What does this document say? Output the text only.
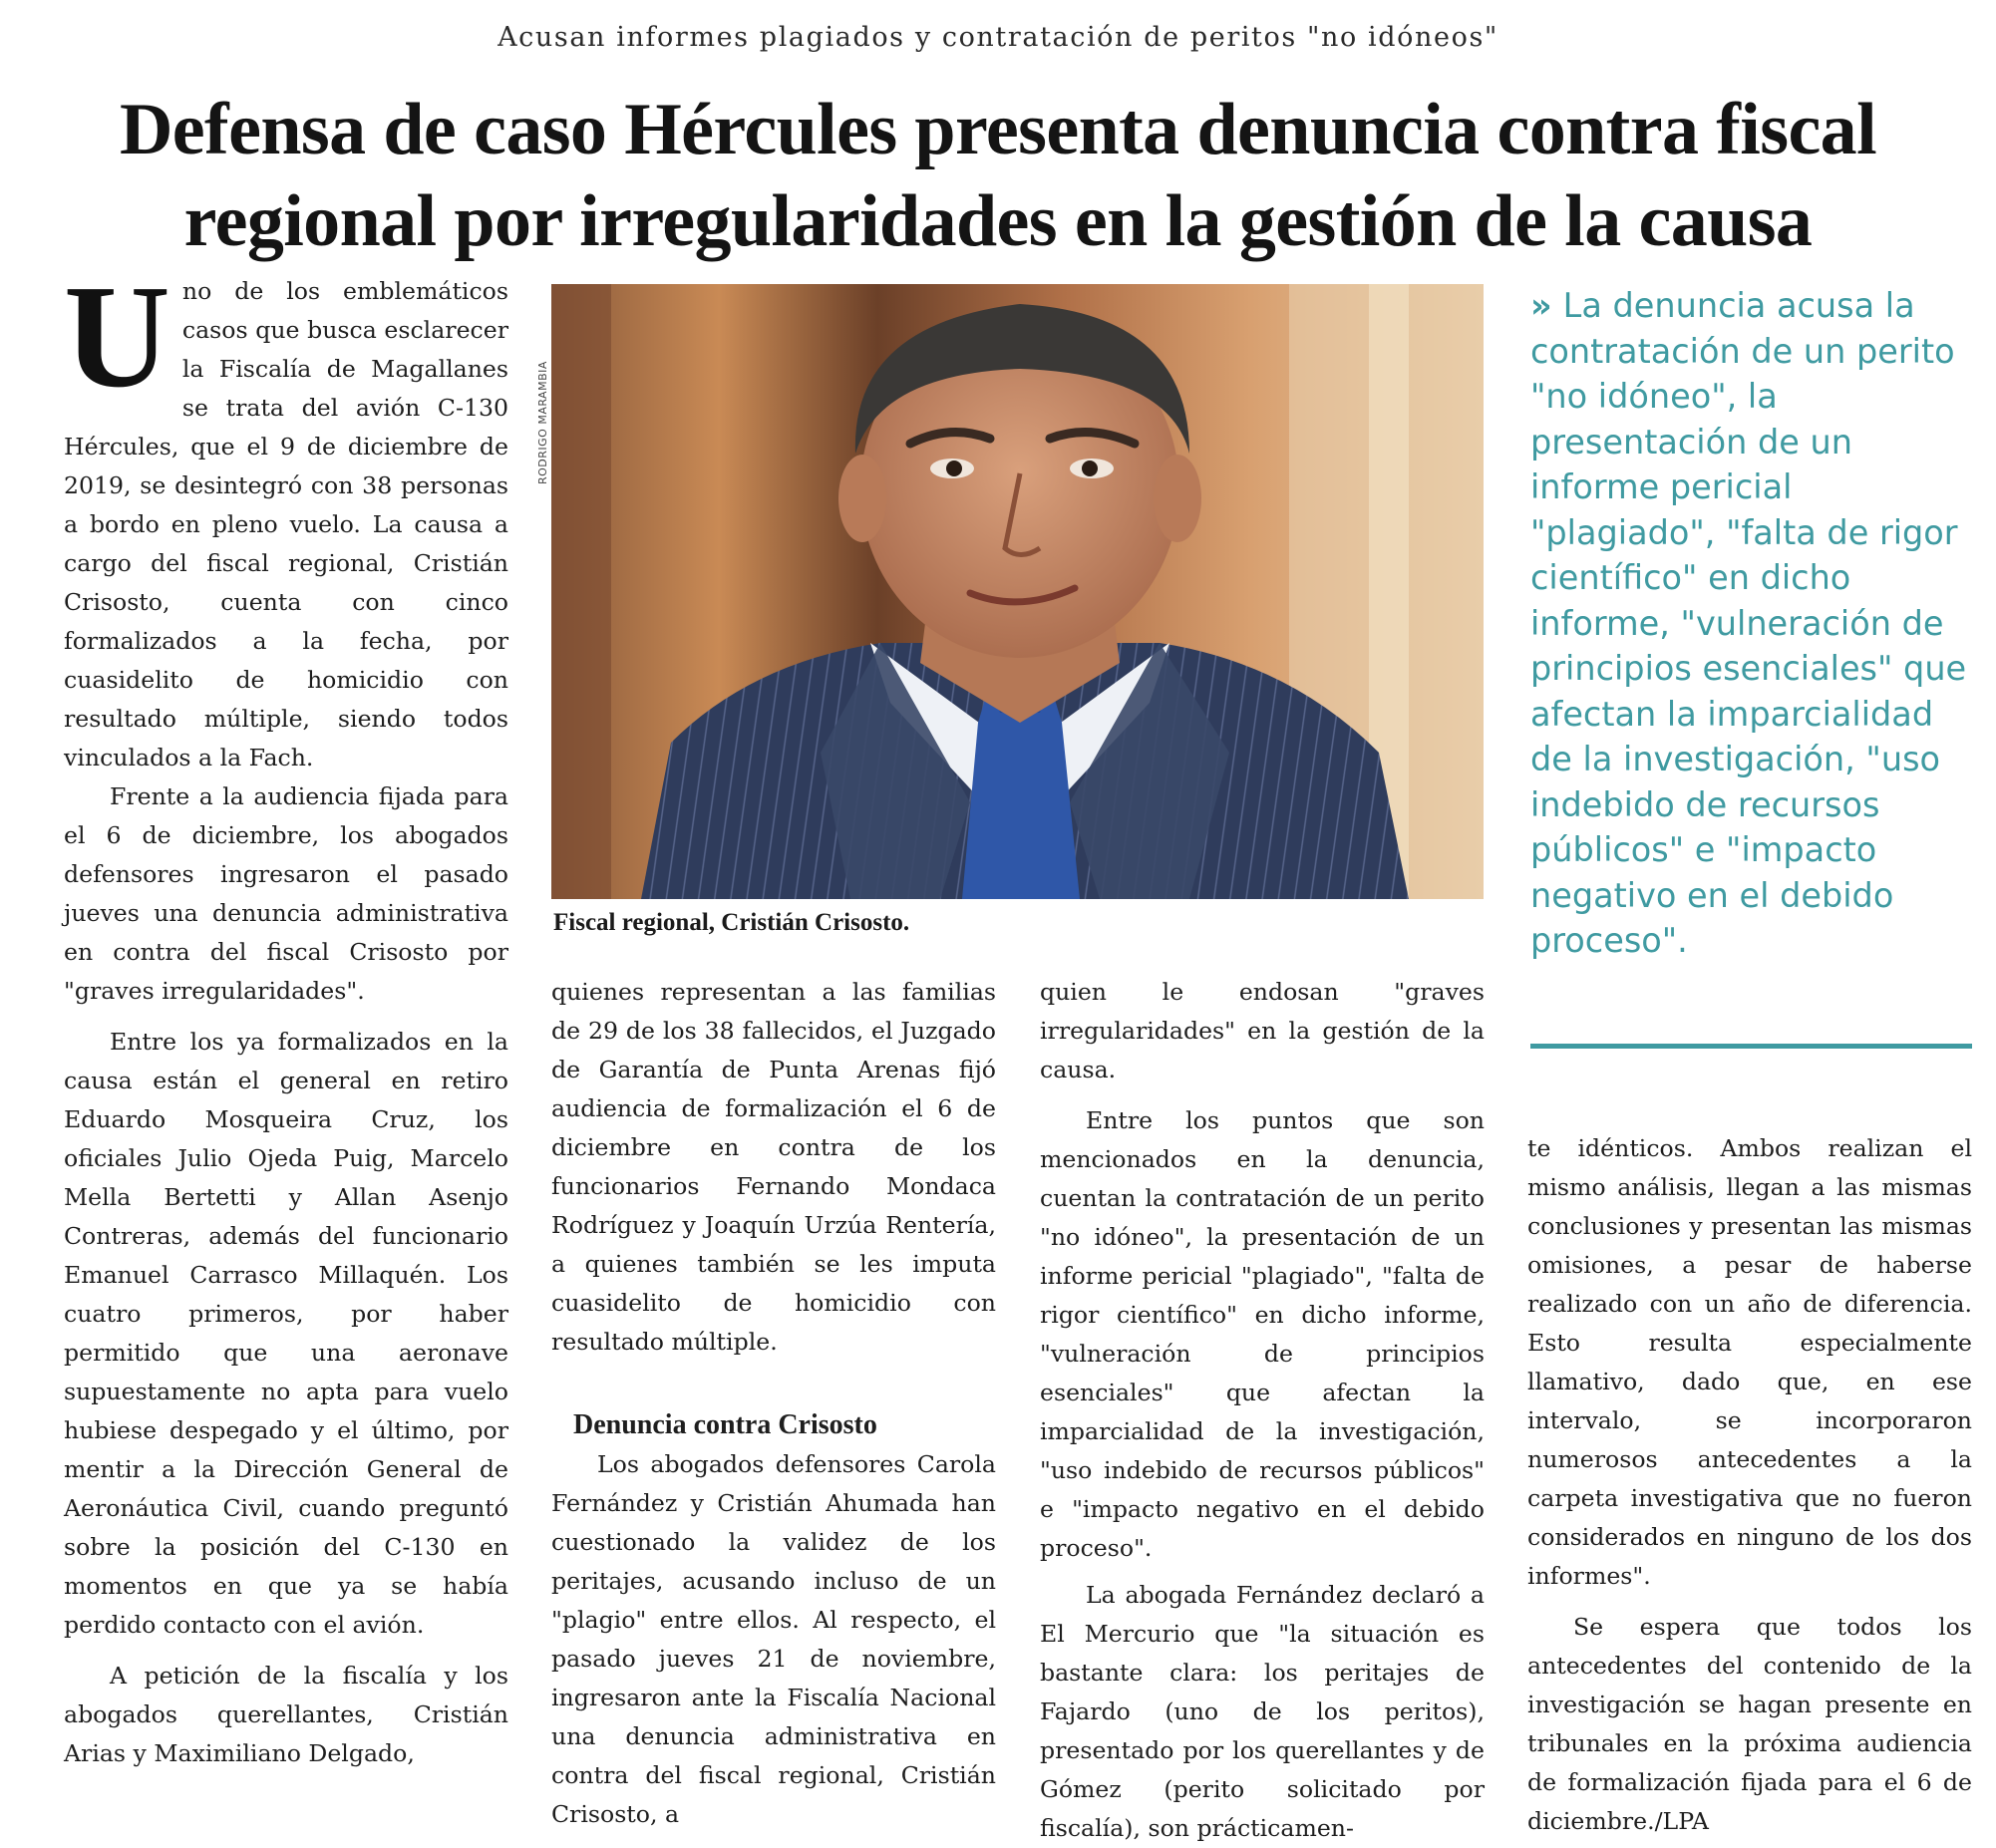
Acusan informes plagiados y contratación de peritos "no idóneos"
Defensa de caso Hércules presenta denuncia contra fiscal regional por irregularidades en la gestión de la causa

Uno de los emblemáticos casos que busca esclarecer la Fiscalía de Magallanes se trata del avión C-130 Hércules, que el 9 de diciembre de 2019, se desintegró con 38 personas a bordo en pleno vuelo. La causa a cargo del fiscal regional, Cristián Crisosto, cuenta con cinco formalizados a la fecha, por cuasidelito de homicidio con resultado múltiple, siendo todos vinculados a la Fach.

Frente a la audiencia fijada para el 6 de diciembre, los abogados defensores ingresaron el pasado jueves una denuncia administrativa en contra del fiscal Crisosto por "graves irregularidades".

Entre los ya formalizados en la causa están el general en retiro Eduardo Mosqueira Cruz, los oficiales Julio Ojeda Puig, Marcelo Mella Bertetti y Allan Asenjo Contreras, además del funcionario Emanuel Carrasco Millaquén. Los cuatro primeros, por haber permitido que una aeronave supuestamente no apta para vuelo hubiese despegado y el último, por mentir a la Dirección General de Aeronáutica Civil, cuando preguntó sobre la posición del C-130 en momentos en que ya se había perdido contacto con el avión.

A petición de la fiscalía y los abogados querellantes, Cristián Arias y Maximiliano Delgado,

RODRIGO MARAMBIA
Fiscal regional, Cristián Crisosto.
» La denuncia acusa la contratación de un perito "no idóneo", la presentación de un informe pericial "plagiado", "falta de rigor científico" en dicho informe, "vulneración de principios esenciales" que afectan la imparcialidad de la investigación, "uso indebido de recursos públicos" e "impacto negativo en el debido proceso".

quienes representan a las familias de 29 de los 38 fallecidos, el Juzgado de Garantía de Punta Arenas fijó audiencia de formalización el 6 de diciembre en contra de los funcionarios Fernando Mondaca Rodríguez y Joaquín Urzúa Rentería, a quienes también se les imputa cuasidelito de homicidio con resultado múltiple.

Denuncia contra Crisosto

Los abogados defensores Carola Fernández y Cristián Ahumada han cuestionado la validez de los peritajes, acusando incluso de un "plagio" entre ellos. Al respecto, el pasado jueves 21 de noviembre, ingresaron ante la Fiscalía Nacional una denuncia administrativa en contra del fiscal regional, Cristián Crisosto, a

quien le endosan "graves irregularidades" en la gestión de la causa.

Entre los puntos que son mencionados en la denuncia, cuentan la contratación de un perito "no idóneo", la presentación de un informe pericial "plagiado", "falta de rigor científico" en dicho informe, "vulneración de principios esenciales" que afectan la imparcialidad de la investigación, "uso indebido de recursos públicos" e "impacto negativo en el debido proceso".

La abogada Fernández declaró a El Mercurio que "la situación es bastante clara: los peritajes de Fajardo (uno de los peritos), presentado por los querellantes y de Gómez (perito solicitado por fiscalía), son prácticamen-

te idénticos. Ambos realizan el mismo análisis, llegan a las mismas conclusiones y presentan las mismas omisiones, a pesar de haberse realizado con un año de diferencia. Esto resulta especialmente llamativo, dado que, en ese intervalo, se incorporaron numerosos antecedentes a la carpeta investigativa que no fueron considerados en ninguno de los dos informes".

Se espera que todos los antecedentes del contenido de la investigación se hagan presente en tribunales en la próxima audiencia de formalización fijada para el 6 de diciembre./LPA
